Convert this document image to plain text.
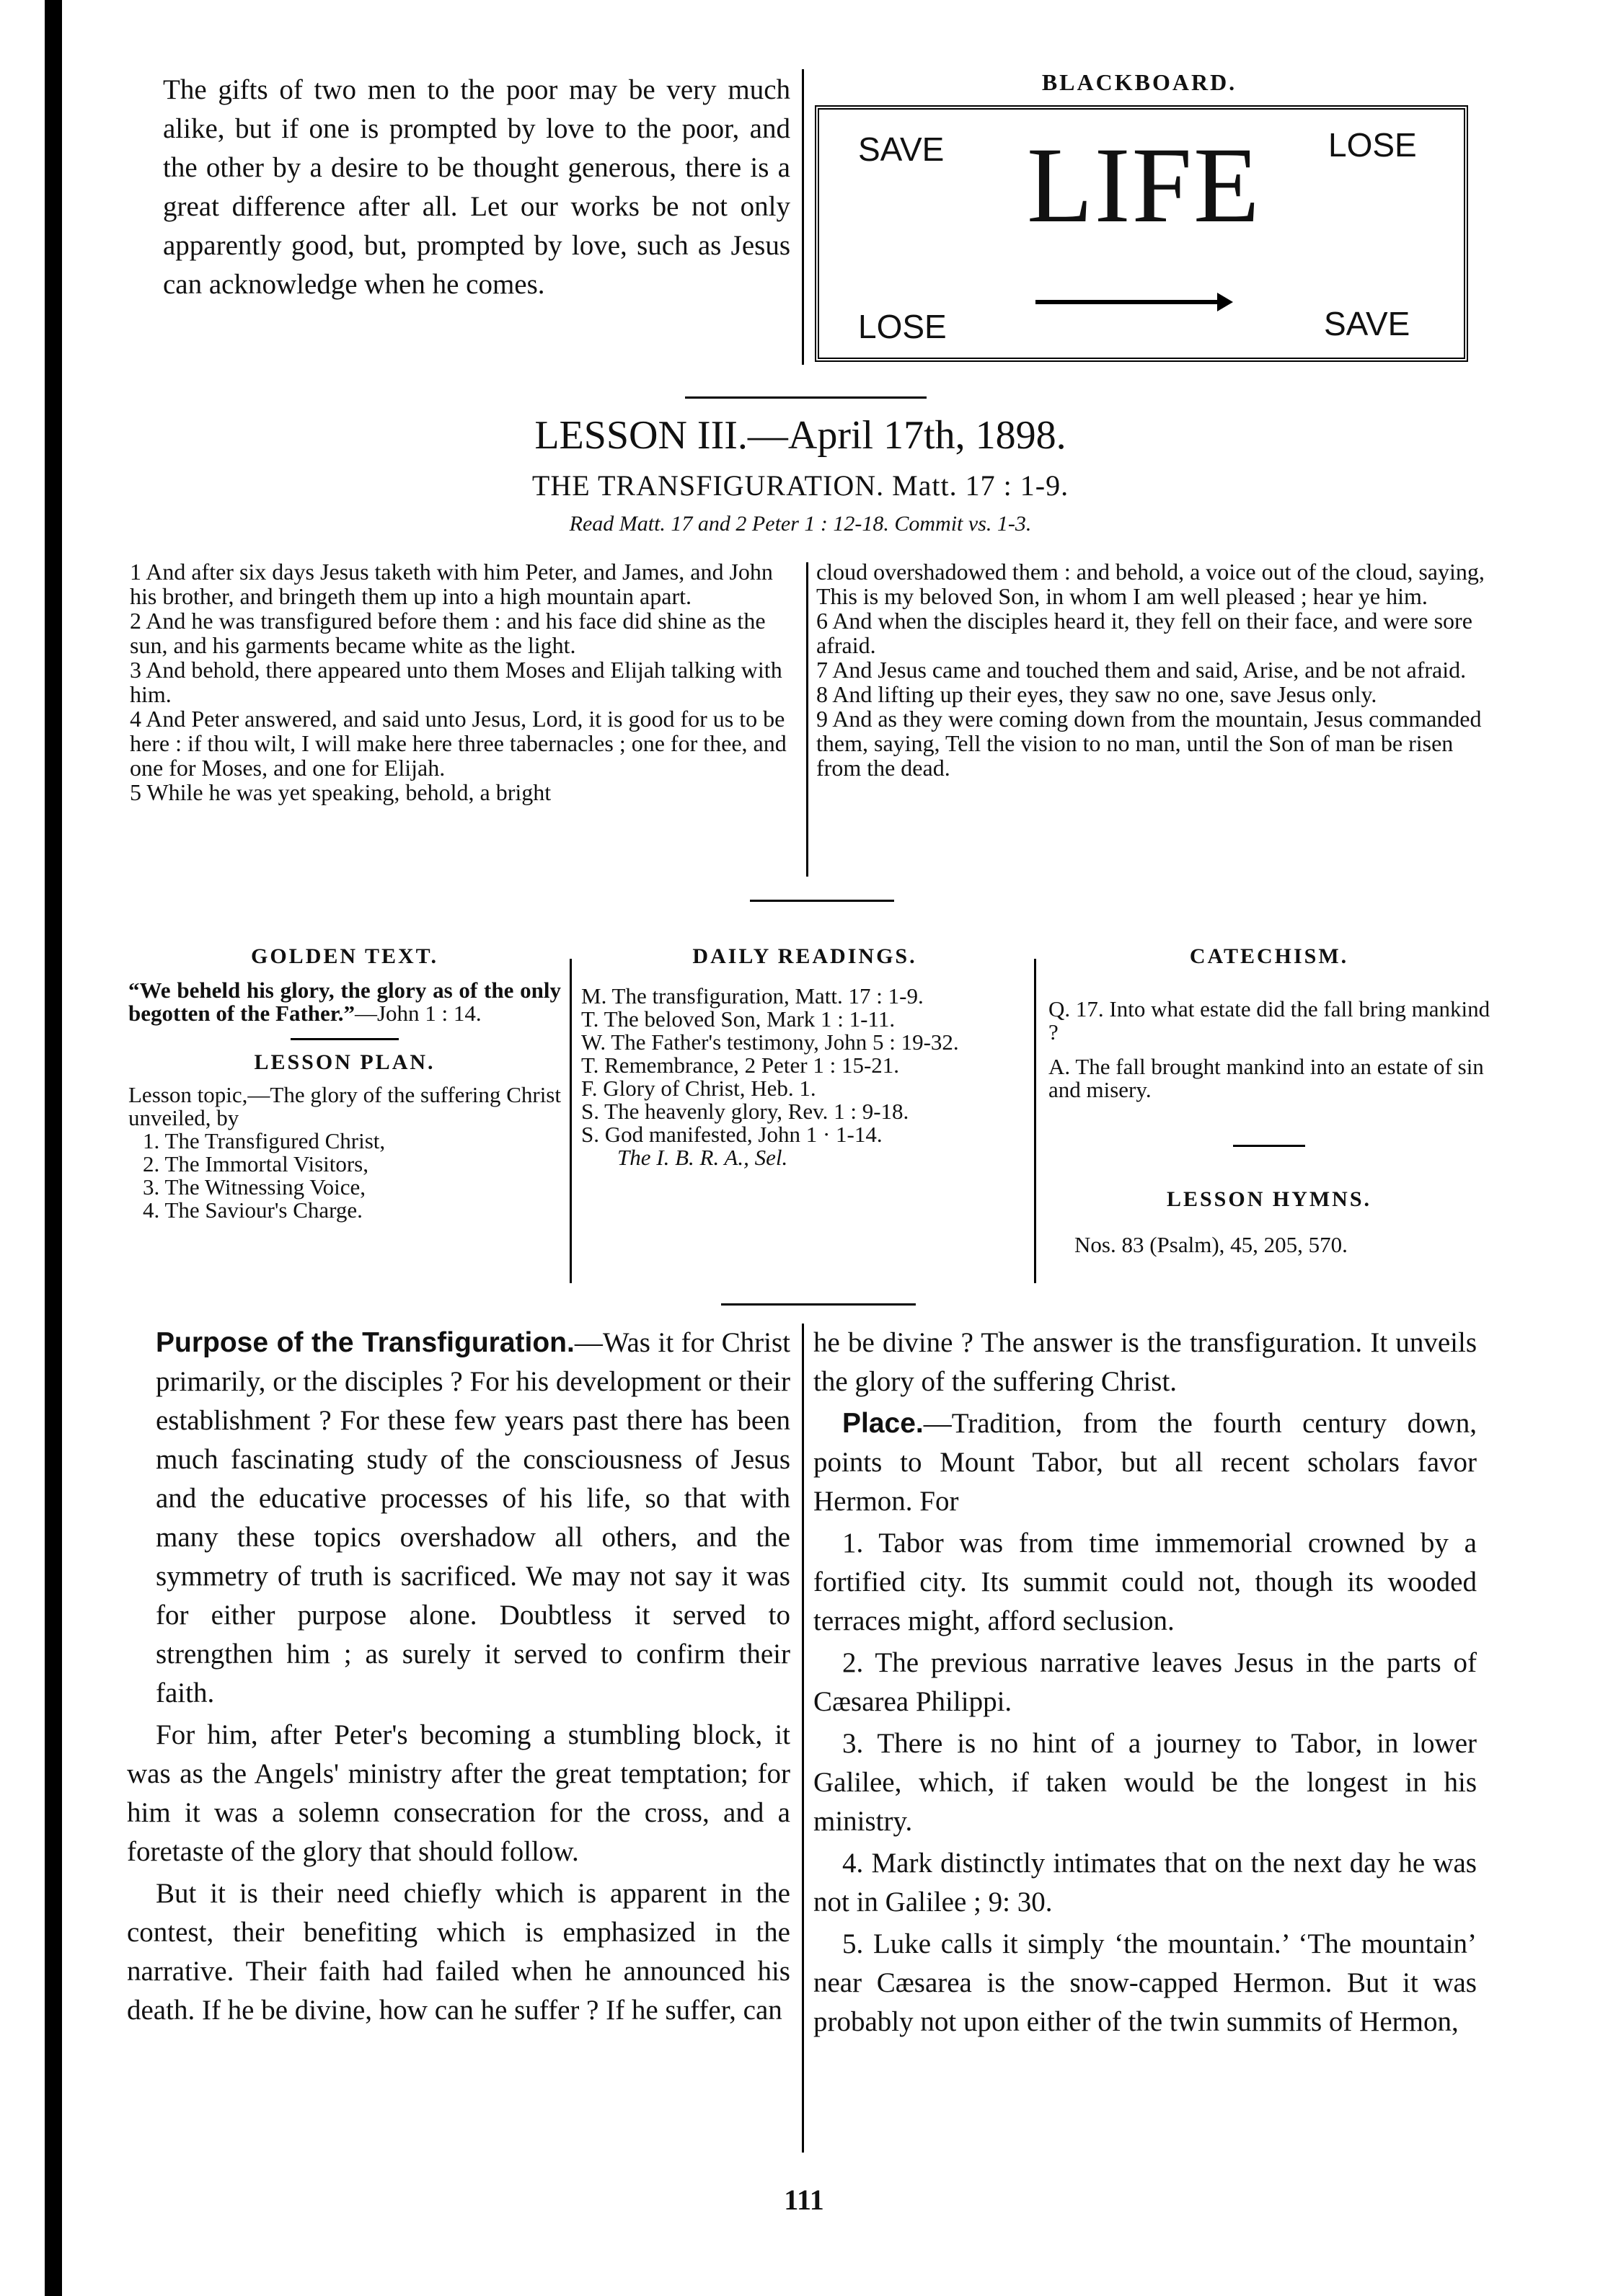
The gifts of two men to the poor may be very much alike, but if one is prompted by love to the poor, and the other by a desire to be thought generous, there is a great difference after all. Let our works be not only apparently good, but, prompted by love, such as Jesus can acknowledge when he comes.
BLACKBOARD.
SAVE	LOSE
LIFE
LOSE	SAVE
LESSON III.—April 17th, 1898.
THE TRANSFIGURATION. Matt. 17 : 1-9.
Read Matt. 17 and 2 Peter 1 : 12-18. Commit vs. 1-3.

1 And after six days Jesus taketh with him Peter, and James, and John his brother, and bringeth them up into a high mountain apart.

2 And he was transfigured before them : and his face did shine as the sun, and his garments became white as the light.

3 And behold, there appeared unto them Moses and Elijah talking with him.

4 And Peter answered, and said unto Jesus, Lord, it is good for us to be here : if thou wilt, I will make here three tabernacles ; one for thee, and one for Moses, and one for Elijah.

5 While he was yet speaking, behold, a bright

cloud overshadowed them : and behold, a voice out of the cloud, saying, This is my beloved Son, in whom I am well pleased ; hear ye him.

6 And when the disciples heard it, they fell on their face, and were sore afraid.

7 And Jesus came and touched them and said, Arise, and be not afraid.

8 And lifting up their eyes, they saw no one, save Jesus only.

9 And as they were coming down from the mountain, Jesus commanded them, saying, Tell the vision to no man, until the Son of man be risen from the dead.

GOLDEN TEXT.
“We beheld his glory, the glory as of the only begotten of the Father.”—John 1 : 14.
LESSON PLAN.
Lesson topic,—The glory of the suffering Christ unveiled, by
1. The Transfigured Christ,
2. The Immortal Visitors,
3. The Witnessing Voice,
4. The Saviour's Charge.
DAILY READINGS.
M. The transfiguration, Matt. 17 : 1-9.
T. The beloved Son, Mark 1 : 1-11.
W. The Father's testimony, John 5 : 19-32.
T. Remembrance, 2 Peter 1 : 15-21.
F. Glory of Christ, Heb. 1.
S. The heavenly glory, Rev. 1 : 9-18.
S. God manifested, John 1 · 1-14.
The I. B. R. A., Sel.
CATECHISM.
Q. 17. Into what estate did the fall bring mankind ?
A. The fall brought mankind into an estate of sin and misery.
LESSON HYMNS.
Nos. 83 (Psalm), 45, 205, 570.

Purpose of the Transfiguration.—Was it for Christ primarily, or the disciples ? For his development or their establishment ? For these few years past there has been much fascinating study of the consciousness of Jesus and the educative processes of his life, so that with many these topics overshadow all others, and the symmetry of truth is sacrificed. We may not say it was for either purpose alone. Doubtless it served to strengthen him ; as surely it served to confirm their faith.

For him, after Peter's becoming a stumbling block, it was as the Angels' ministry after the great temptation; for him it was a solemn consecration for the cross, and a foretaste of the glory that should follow.

But it is their need chiefly which is apparent in the contest, their benefiting which is emphasized in the narrative. Their faith had failed when he announced his death. If he be divine, how can he suffer ? If he suffer, can

he be divine ? The answer is the transfiguration. It unveils the glory of the suffering Christ.

Place.—Tradition, from the fourth century down, points to Mount Tabor, but all recent scholars favor Hermon. For

1. Tabor was from time immemorial crowned by a fortified city. Its summit could not, though its wooded terraces might, afford seclusion.

2. The previous narrative leaves Jesus in the parts of Cæsarea Philippi.

3. There is no hint of a journey to Tabor, in lower Galilee, which, if taken would be the longest in his ministry.

4. Mark distinctly intimates that on the next day he was not in Galilee ; 9: 30.

5. Luke calls it simply ‘the mountain.’ ‘The mountain’ near Cæsarea is the snow-capped Hermon. But it was probably not upon either of the twin summits of Hermon,

111
